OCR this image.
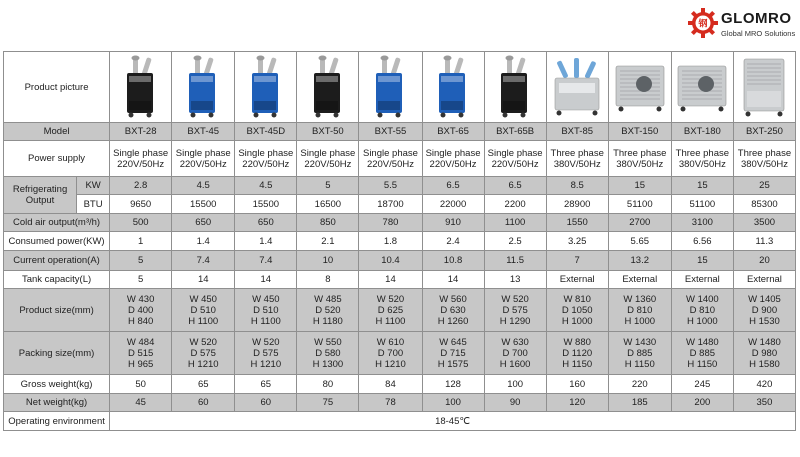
钢 GLOMRO
Global MRO Solutions
Product picture	

Model		BXT-28	BXT-45	BXT-45D	BXT-50	BXT-55	BXT-65	BXT-65B	BXT-85	BXT-150	BXT-180	BXT-250
Power supply		Single phase
220V/50Hz	Single phase
220V/50Hz	Single phase
220V/50Hz	Single phase
220V/50Hz	Single phase
220V/50Hz	Single phase
220V/50Hz	Single phase
220V/50Hz	Three phase
380V/50Hz	Three phase
380V/50Hz	Three phase
380V/50Hz	Three phase
380V/50Hz
Refrigerating Output	KW	2.8	4.5	4.5	5	5.5	6.5	6.5	8.5	15	15	25
	BTU	9650	15500	15500	16500	18700	22000	2200	28900	51100	51100	85300
Cold air output(m³/h)		500	650	650	850	780	910	1100	1550	2700	3100	3500
Consumed power(KW)		1	1.4	1.4	2.1	1.8	2.4	2.5	3.25	5.65	6.56	11.3
Current operation(A)		5	7.4	7.4	10	10.4	10.8	11.5	7	13.2	15	20
Tank capacity(L)		5	14	14	8	14	14	13	External	External	External	External
Product size(mm)		W 430
D 400
H 840	W 450
D 510
H 1100	W 450
D 510
H 1100	W 485
D 520
H 1180	W 520
D 625
H 1100	W 560
D 630
H 1260	W 520
D 575
H 1290	W 810
D 1050
H 1000	W 1360
D 810
H 1000	W 1400
D 810
H 1000	W 1405
D 900
H 1530
Packing size(mm)		W 484
D 515
H 965	W 520
D 575
H 1210	W 520
D 575
H 1210	W 550
D 580
H 1300	W 610
D 700
H 1210	W 645
D 715
H 1575	W 630
D 700
H 1600	W 880
D 1120
H 1150	W 1430
D 885
H 1150	W 1480
D 885
H 1150	W 1480
D 980
H 1580
Gross weight(kg)		50	65	65	80	84	128	100	160	220	245	420
Net weight(kg)		45	60	60	75	78	100	90	120	185	200	350
Operating environment		18-45℃										
